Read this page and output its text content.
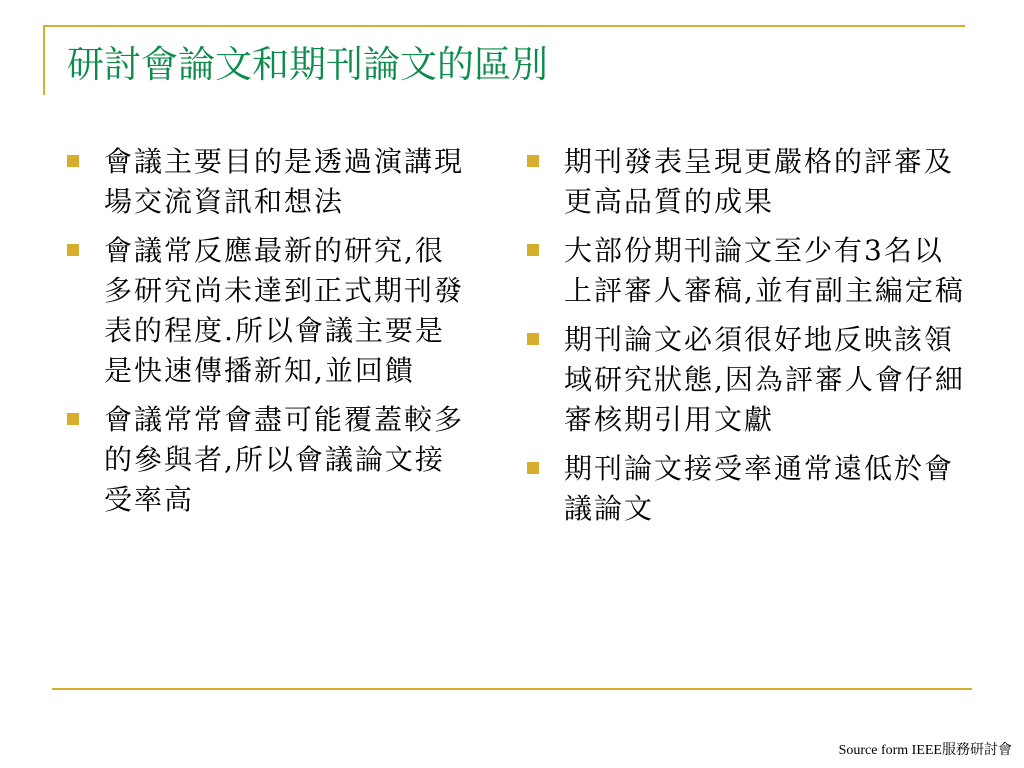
研討會論文和期刊論文的區別
會議主要目的是透過演講現場交流資訊和想法
會議常反應最新的研究,很多研究尚未達到正式期刊發表的程度.所以會議主要是是快速傳播新知,並回饋
會議常常會盡可能覆蓋較多的參與者,所以會議論文接受率高
期刊發表呈現更嚴格的評審及更高品質的成果
大部份期刊論文至少有3名以上評審人審稿,並有副主編定稿
期刊論文必須很好地反映該領域研究狀態,因為評審人會仔細審核期引用文獻
期刊論文接受率通常遠低於會議論文
Source form IEEE服務研討會
